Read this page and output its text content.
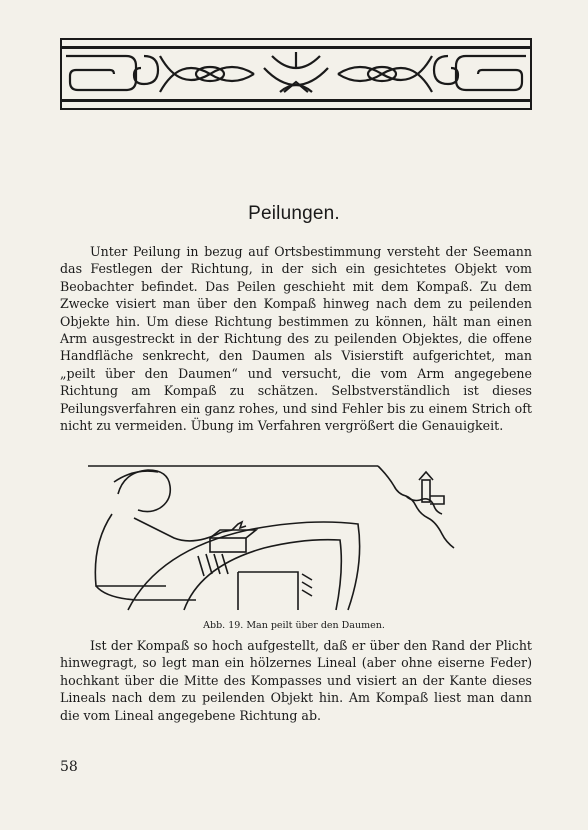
Peilungen.

Unter Peilung in bezug auf Ortsbestimmung versteht der Seemann das Festlegen der Richtung, in der sich ein gesichtetes Objekt vom Beobachter befindet. Das Peilen geschieht mit dem Kompaß. Zu dem Zwecke visiert man über den Kompaß hinweg nach dem zu peilenden Objekte hin. Um diese Richtung bestimmen zu können, hält man einen Arm ausgestreckt in der Richtung des zu peilenden Objektes, die offene Handfläche senkrecht, den Daumen als Visierstift aufgerichtet, man „peilt über den Daumen“ und versucht, die vom Arm angegebene Richtung am Kompaß zu schätzen. Selbstverständlich ist dieses Peilungsverfahren ein ganz rohes, und sind Fehler bis zu einem Strich oft nicht zu vermeiden. Übung im Verfahren vergrößert die Genauigkeit.

Abb. 19. Man peilt über den Daumen.

Ist der Kompaß so hoch aufgestellt, daß er über den Rand der Plicht hinwegragt, so legt man ein hölzernes Lineal (aber ohne eiserne Feder) hochkant über die Mitte des Kompasses und visiert an der Kante dieses Lineals nach dem zu peilenden Objekt hin. Am Kompaß liest man dann die vom Lineal angegebene Richtung ab.

58
